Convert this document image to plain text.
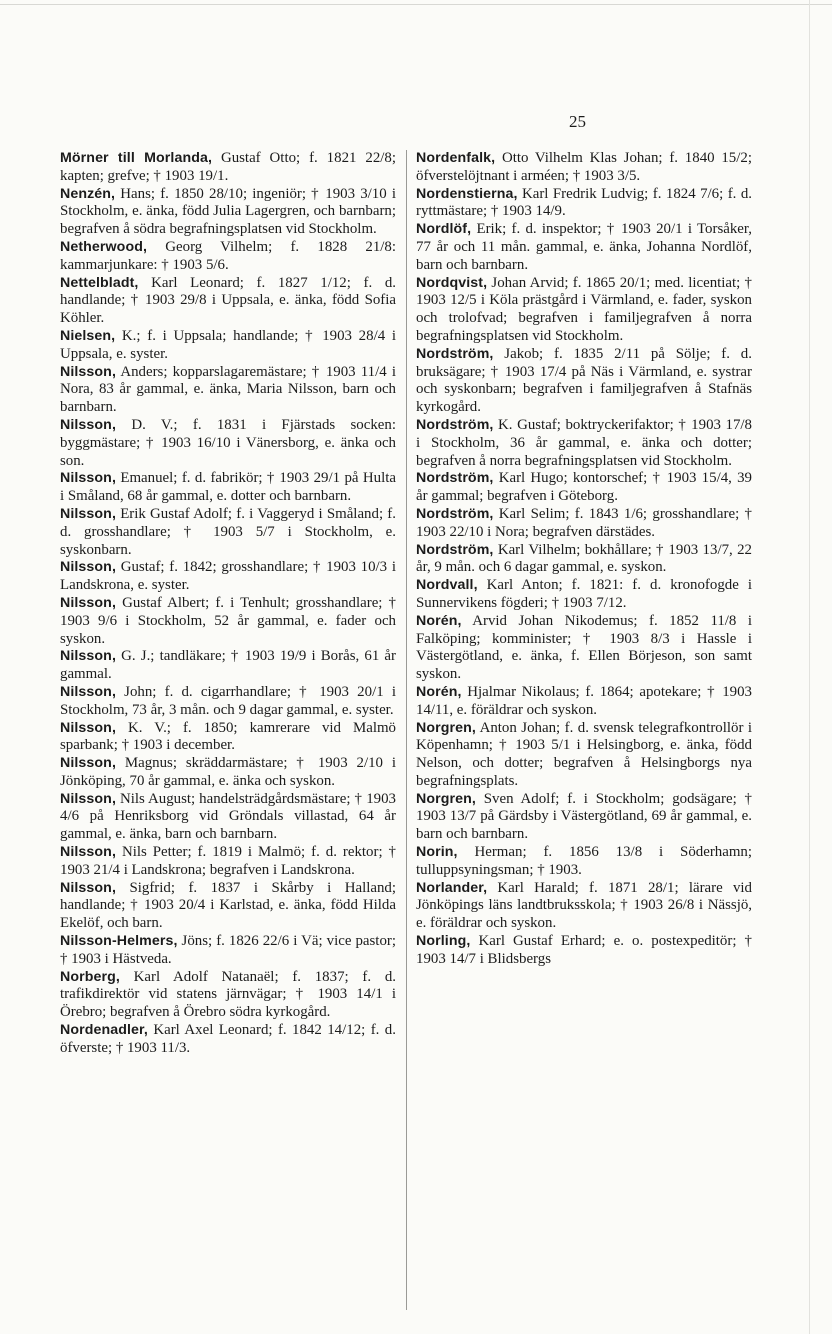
25

Mörner till Morlanda, Gustaf Otto; f. 1821 22/8; kapten; grefve; † 1903 19/1.

Nenzén, Hans; f. 1850 28/10; ingeniör; † 1903 3/10 i Stockholm, e. änka, född Julia Lagergren, och barnbarn; begrafven å södra begrafningsplatsen vid Stockholm.

Netherwood, Georg Vilhelm; f. 1828 21/8: kammarjunkare: † 1903 5/6.

Nettelbladt, Karl Leonard; f. 1827 1/12; f. d. handlande; † 1903 29/8 i Uppsala, e. änka, född Sofia Köhler.

Nielsen, K.; f. i Uppsala; handlande; † 1903 28/4 i Uppsala, e. syster.

Nilsson, Anders; kopparslagaremästare; † 1903 11/4 i Nora, 83 år gammal, e. änka, Maria Nilsson, barn och barnbarn.

Nilsson, D. V.; f. 1831 i Fjärstads socken: byggmästare; † 1903 16/10 i Vänersborg, e. änka och son.

Nilsson, Emanuel; f. d. fabrikör; † 1903 29/1 på Hulta i Småland, 68 år gammal, e. dotter och barnbarn.

Nilsson, Erik Gustaf Adolf; f. i Vaggeryd i Småland; f. d. grosshandlare; † 1903 5/7 i Stockholm, e. syskonbarn.

Nilsson, Gustaf; f. 1842; grosshandlare; † 1903 10/3 i Landskrona, e. syster.

Nilsson, Gustaf Albert; f. i Tenhult; grosshandlare; † 1903 9/6 i Stockholm, 52 år gammal, e. fader och syskon.

Nilsson, G. J.; tandläkare; † 1903 19/9 i Borås, 61 år gammal.

Nilsson, John; f. d. cigarrhandlare; † 1903 20/1 i Stockholm, 73 år, 3 mån. och 9 dagar gammal, e. syster.

Nilsson, K. V.; f. 1850; kamrerare vid Malmö sparbank; † 1903 i december.

Nilsson, Magnus; skräddarmästare; † 1903 2/10 i Jönköping, 70 år gammal, e. änka och syskon.

Nilsson, Nils August; handelsträdgårdsmästare; † 1903 4/6 på Henriksborg vid Gröndals villastad, 64 år gammal, e. änka, barn och barnbarn.

Nilsson, Nils Petter; f. 1819 i Malmö; f. d. rektor; † 1903 21/4 i Landskrona; begrafven i Landskrona.

Nilsson, Sigfrid; f. 1837 i Skårby i Halland; handlande; † 1903 20/4 i Karlstad, e. änka, född Hilda Ekelöf, och barn.

Nilsson-Helmers, Jöns; f. 1826 22/6 i Vä; vice pastor; † 1903 i Hästveda.

Norberg, Karl Adolf Natanaël; f. 1837; f. d. trafikdirektör vid statens järnvägar; † 1903 14/1 i Örebro; begrafven å Örebro södra kyrkogård.

Nordenadler, Karl Axel Leonard; f. 1842 14/12; f. d. öfverste; † 1903 11/3.

Nordenfalk, Otto Vilhelm Klas Johan; f. 1840 15/2; öfverstelöjtnant i arméen; † 1903 3/5.

Nordenstierna, Karl Fredrik Ludvig; f. 1824 7/6; f. d. ryttmästare; † 1903 14/9.

Nordlöf, Erik; f. d. inspektor; † 1903 20/1 i Torsåker, 77 år och 11 mån. gammal, e. änka, Johanna Nordlöf, barn och barnbarn.

Nordqvist, Johan Arvid; f. 1865 20/1; med. licentiat; † 1903 12/5 i Köla prästgård i Värmland, e. fader, syskon och trolofvad; begrafven i familjegrafven å norra begrafningsplatsen vid Stockholm.

Nordström, Jakob; f. 1835 2/11 på Sölje; f. d. bruksägare; † 1903 17/4 på Näs i Värmland, e. systrar och syskonbarn; begrafven i familjegrafven å Stafnäs kyrkogård.

Nordström, K. Gustaf; boktryckerifaktor; † 1903 17/8 i Stockholm, 36 år gammal, e. änka och dotter; begrafven å norra begrafningsplatsen vid Stockholm.

Nordström, Karl Hugo; kontorschef; † 1903 15/4, 39 år gammal; begrafven i Göteborg.

Nordström, Karl Selim; f. 1843 1/6; grosshandlare; † 1903 22/10 i Nora; begrafven därstädes.

Nordström, Karl Vilhelm; bokhållare; † 1903 13/7, 22 år, 9 mån. och 6 dagar gammal, e. syskon.

Nordvall, Karl Anton; f. 1821: f. d. kronofogde i Sunnervikens fögderi; † 1903 7/12.

Norén, Arvid Johan Nikodemus; f. 1852 11/8 i Falköping; komminister; † 1903 8/3 i Hassle i Västergötland, e. änka, f. Ellen Börjeson, son samt syskon.

Norén, Hjalmar Nikolaus; f. 1864; apotekare; † 1903 14/11, e. föräldrar och syskon.

Norgren, Anton Johan; f. d. svensk telegrafkontrollör i Köpenhamn; † 1903 5/1 i Helsingborg, e. änka, född Nelson, och dotter; begrafven å Helsingborgs nya begrafningsplats.

Norgren, Sven Adolf; f. i Stockholm; godsägare; † 1903 13/7 på Gärdsby i Västergötland, 69 år gammal, e. barn och barnbarn.

Norin, Herman; f. 1856 13/8 i Söderhamn; tulluppsyningsman; † 1903.

Norlander, Karl Harald; f. 1871 28/1; lärare vid Jönköpings läns landtbruksskola; † 1903 26/8 i Nässjö, e. föräldrar och syskon.

Norling, Karl Gustaf Erhard; e. o. postexpeditör; † 1903 14/7 i Blidsbergs
